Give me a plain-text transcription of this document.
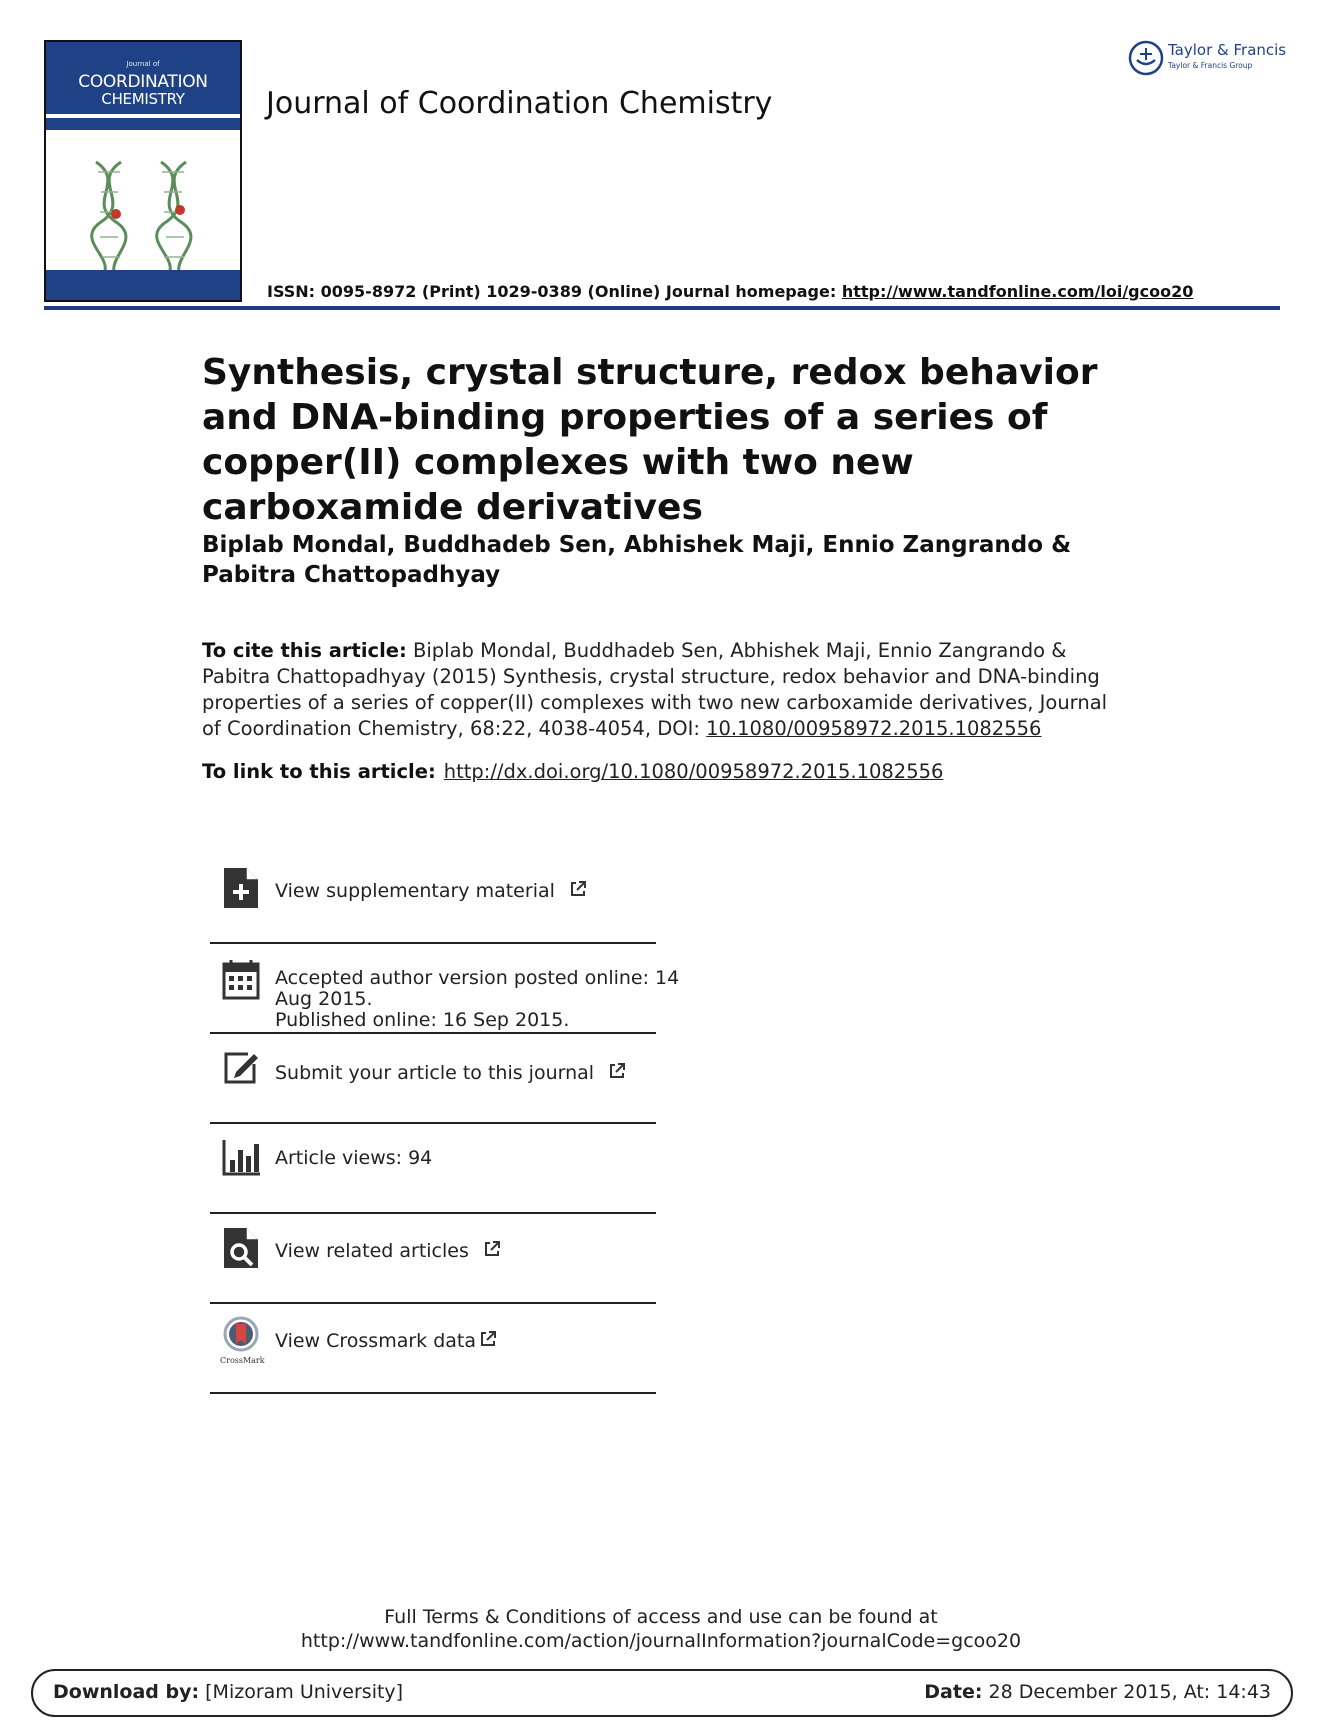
Journal of
COORDINATION
CHEMISTRY	Journal of Coordination Chemistry
ISSN: 0095-8972 (Print) 1029-0389 (Online) Journal homepage: http://www.tandfonline.com/loi/gcoo20
Taylor & Francis
Taylor & Francis Group
Synthesis, crystal structure, redox behavior and DNA-binding properties of a series of copper(II) complexes with two new carboxamide derivatives
Biplab Mondal, Buddhadeb Sen, Abhishek Maji, Ennio Zangrando & Pabitra Chattopadhyay
To cite this article: Biplab Mondal, Buddhadeb Sen, Abhishek Maji, Ennio Zangrando & Pabitra Chattopadhyay (2015) Synthesis, crystal structure, redox behavior and DNA-binding properties of a series of copper(II) complexes with two new carboxamide derivatives, Journal of Coordination Chemistry, 68:22, 4038-4054, DOI: 10.1080/00958972.2015.1082556
To link to this article: http://dx.doi.org/10.1080/00958972.2015.1082556
View supplementary material
Accepted author version posted online: 14
Aug 2015.
Published online: 16 Sep 2015.
Submit your article to this journal
Article views: 94
View related articles
CrossMark
View Crossmark data
Full Terms & Conditions of access and use can be found at
http://www.tandfonline.com/action/journalInformation?journalCode=gcoo20
Download by: [Mizoram University]	Date: 28 December 2015, At: 14:43
